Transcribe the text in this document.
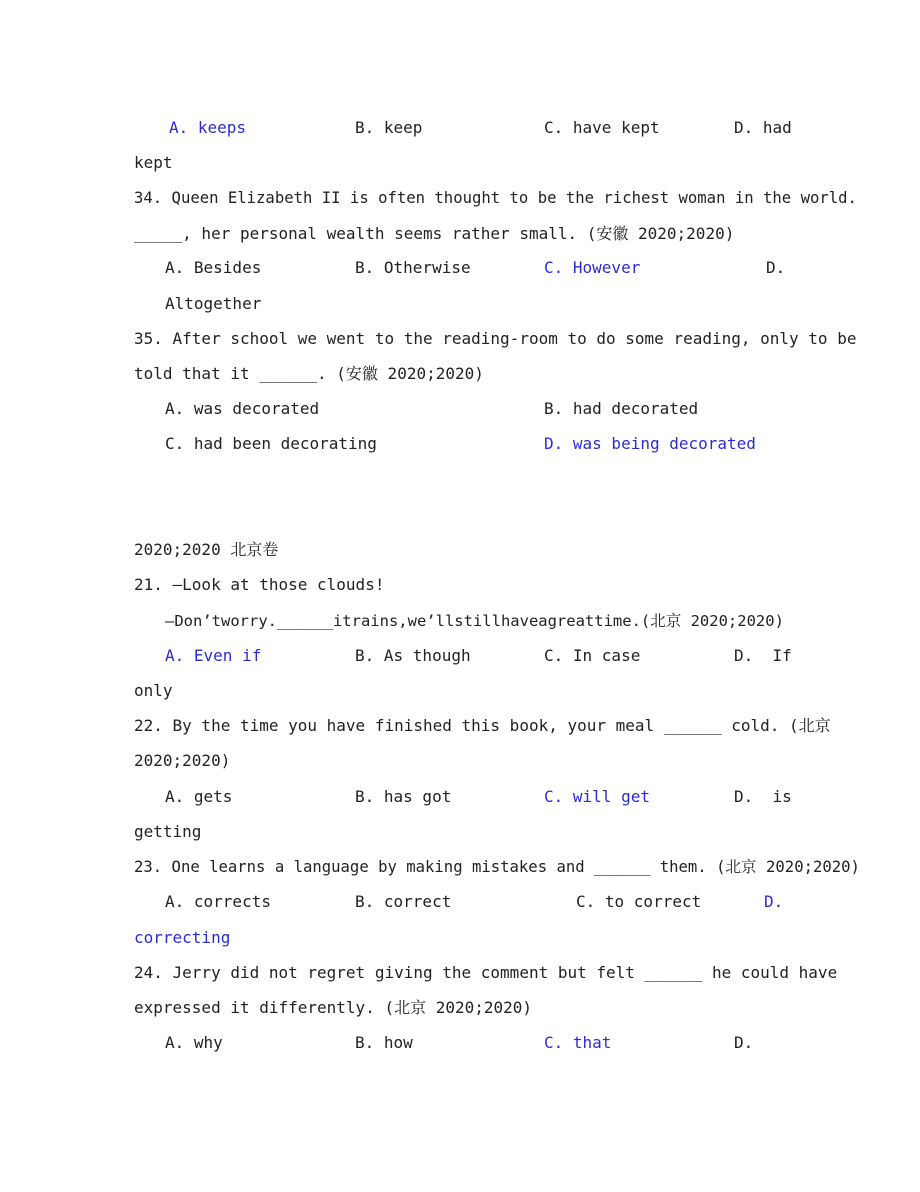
A. keeps	B. keep	C. have kept	D. had
kept
34. Queen Elizabeth II is often thought to be the richest woman in the world.
_____, her personal wealth seems rather small. (安徽 2020;2020)
A. Besides	B. Otherwise	C. However	D.
Altogether
35. After school we went to the reading-room to do some reading, only to be
told that it ______. (安徽 2020;2020)
A. was decorated	B. had decorated
C. had been decorating	D. was being decorated
2020;2020 北京卷
21. —Look at those clouds!
—Don’tworry.______itrains,we’llstillhaveagreattime.(北京 2020;2020)
A. Even if	B. As though	C. In case	D.  If
only
22. By the time you have finished this book, your meal ______ cold. (北京
2020;2020)
A. gets	B. has got	C. will get	D.  is
getting
23. One learns a language by making mistakes and ______ them. (北京 2020;2020)
A. corrects	B. correct	C. to correct	D.
correcting
24. Jerry did not regret giving the comment but felt ______ he could have
expressed it differently. (北京 2020;2020)
A. why	B. how	C. that	D.
